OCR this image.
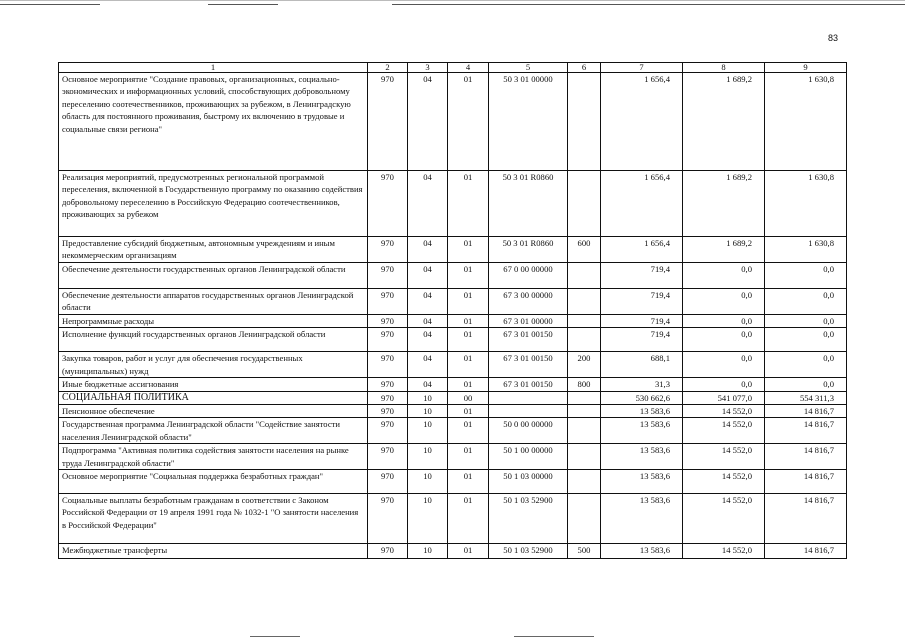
83
1	2	3	4	5	6	7	8	9
Основное мероприятие "Создание правовых, организационных, социально-экономических и информационных условий, способствующих добровольному переселению соотечественников, проживающих за рубежом, в Ленинградскую область для постоянного проживания, быстрому их включению в трудовые и социальные связи региона"	970	04	01	50 3 01 00000		1 656,4	1 689,2	1 630,8
Реализация мероприятий, предусмотренных региональной программой переселения, включенной в Государственную программу по оказанию содействия добровольному переселению в Российскую Федерацию соотечественников, проживающих за рубежом	970	04	01	50 3 01 R0860		1 656,4	1 689,2	1 630,8
Предоставление субсидий бюджетным, автономным учреждениям и иным некоммерческим организациям	970	04	01	50 3 01 R0860	600	1 656,4	1 689,2	1 630,8
Обеспечение деятельности государственных органов Ленинградской области	970	04	01	67 0 00 00000		719,4	0,0	0,0
Обеспечение деятельности аппаратов государственных органов Ленинградской области	970	04	01	67 3 00 00000		719,4	0,0	0,0
Непрограммные расходы	970	04	01	67 3 01 00000		719,4	0,0	0,0
Исполнение функций государственных органов Ленинградской области	970	04	01	67 3 01 00150		719,4	0,0	0,0
Закупка товаров, работ и услуг для обеспечения государственных (муниципальных) нужд	970	04	01	67 3 01 00150	200	688,1	0,0	0,0
Иные бюджетные ассигнования	970	04	01	67 3 01 00150	800	31,3	0,0	0,0
СОЦИАЛЬНАЯ ПОЛИТИКА	970	10	00			530 662,6	541 077,0	554 311,3
Пенсионное обеспечение	970	10	01			13 583,6	14 552,0	14 816,7
Государственная программа Ленинградской области "Содействие занятости населения Ленинградской области"	970	10	01	50 0 00 00000		13 583,6	14 552,0	14 816,7
Подпрограмма "Активная политика содействия занятости населения на рынке труда Ленинградской области"	970	10	01	50 1 00 00000		13 583,6	14 552,0	14 816,7
Основное мероприятие "Социальная поддержка безработных граждан"	970	10	01	50 1 03 00000		13 583,6	14 552,0	14 816,7
Социальные выплаты безработным гражданам в соответствии с Законом Российской Федерации от 19 апреля 1991 года № 1032-1 "О занятости населения в Российской Федерации"	970	10	01	50 1 03 52900		13 583,6	14 552,0	14 816,7
Межбюджетные трансферты	970	10	01	50 1 03 52900	500	13 583,6	14 552,0	14 816,7
